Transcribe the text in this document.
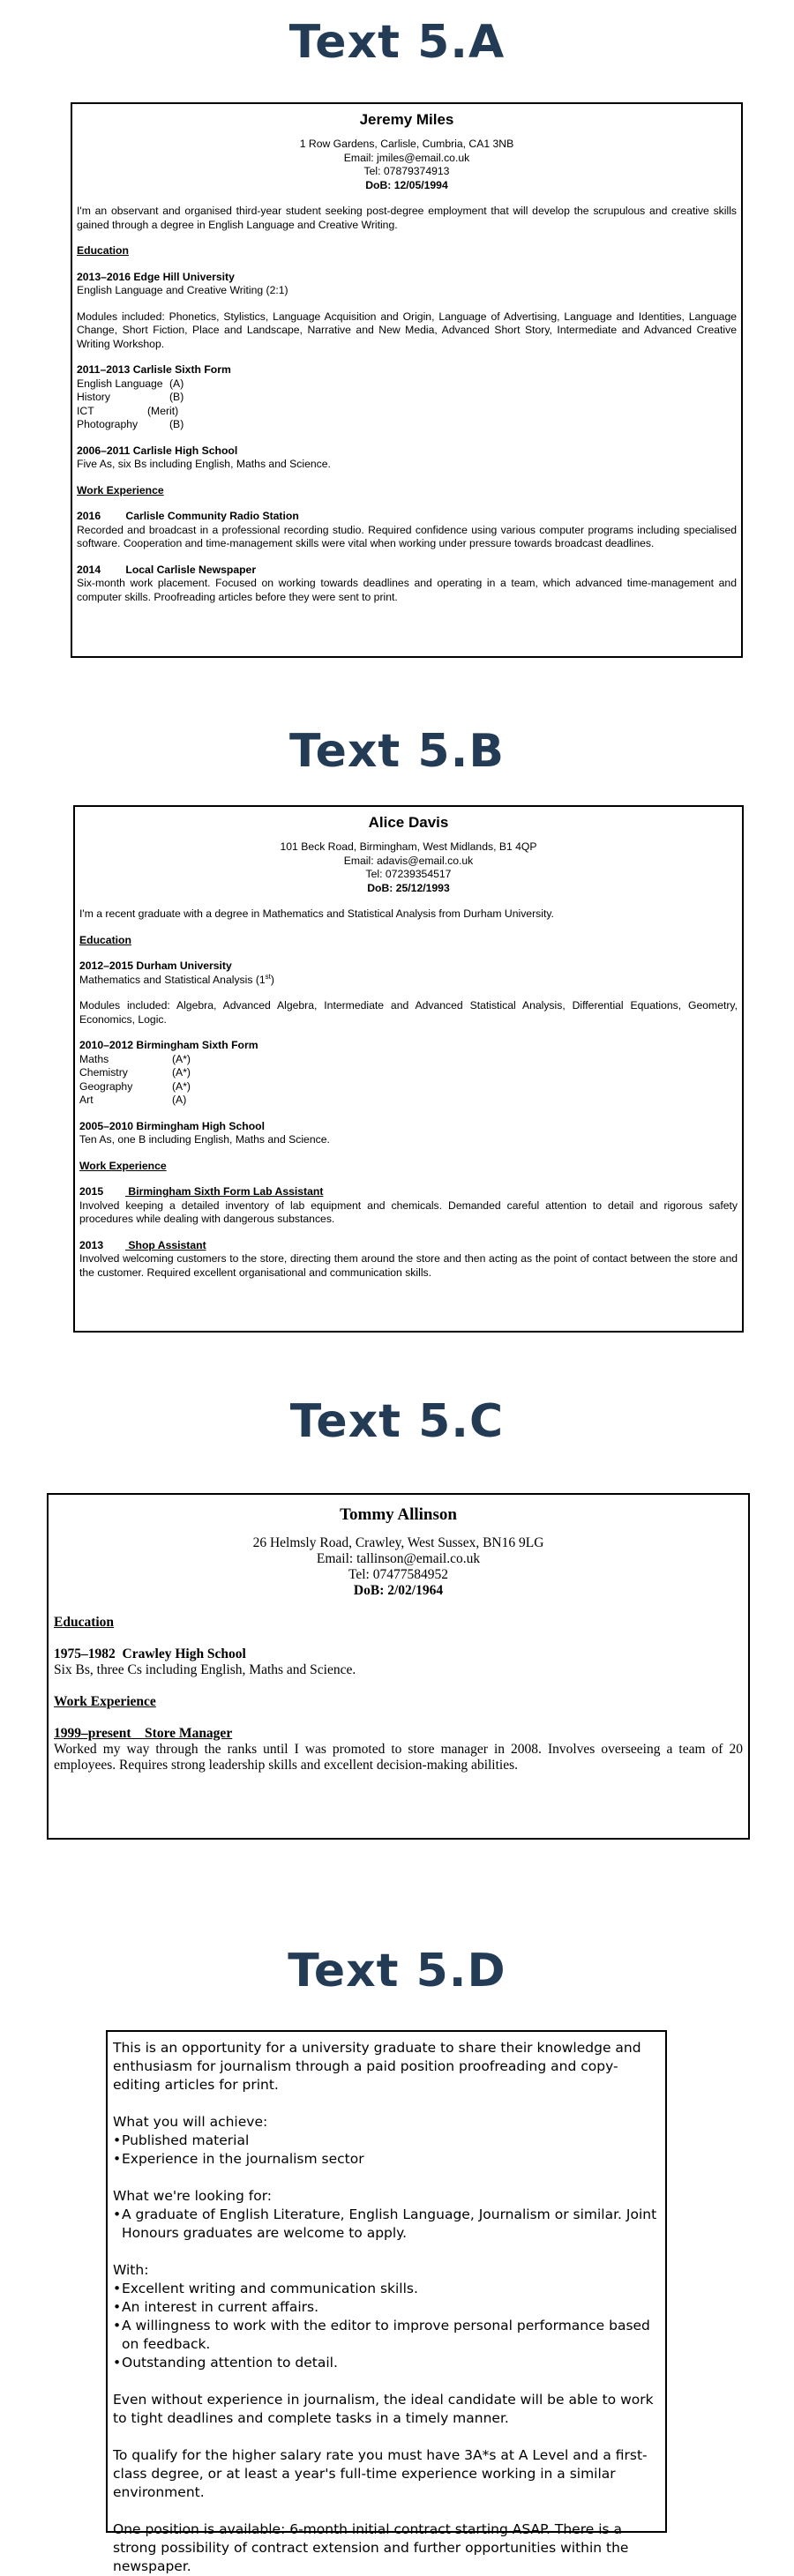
Text 5.A
Jeremy Miles
1 Row Gardens, Carlisle, Cumbria, CA1 3NB
Email: jmiles@email.co.uk
Tel: 07879374913
DoB: 12/05/1994

I'm an observant and organised third-year student seeking post-degree employment that will develop the scrupulous and creative skills gained through a degree in English Language and Creative Writing.

Education

2013–2016 Edge Hill University

English Language and Creative Writing (2:1)

Modules included: Phonetics, Stylistics, Language Acquisition and Origin, Language of Advertising, Language and Identities, Language Change, Short Fiction, Place and Landscape, Narrative and New Media, Advanced Short Story, Intermediate and Advanced Creative Writing Workshop.

2011–2013 Carlisle Sixth Form

English Language (A)
History	(B)
ICT	(Merit)
Photography	(B)

2006–2011 Carlisle High School

Five As, six Bs including English, Maths and Science.

Work Experience

2016 Carlisle Community Radio Station

Recorded and broadcast in a professional recording studio. Required confidence using various computer programs including specialised software. Cooperation and time-management skills were vital when working under pressure towards broadcast deadlines.

2014 Local Carlisle Newspaper

Six-month work placement. Focused on working towards deadlines and operating in a team, which advanced time-management and computer skills. Proofreading articles before they were sent to print.

Text 5.B
Alice Davis
101 Beck Road, Birmingham, West Midlands, B1 4QP
Email: adavis@email.co.uk
Tel: 07239354517
DoB: 25/12/1993

I'm a recent graduate with a degree in Mathematics and Statistical Analysis from Durham University.

Education

2012–2015 Durham University

Mathematics and Statistical Analysis (1st)

Modules included: Algebra, Advanced Algebra, Intermediate and Advanced Statistical Analysis, Differential Equations, Geometry, Economics, Logic.

2010–2012 Birmingham Sixth Form

Maths	(A*)
Chemistry	(A*)
Geography	(A*)
Art	(A)

2005–2010 Birmingham High School

Ten As, one B including English, Maths and Science.

Work Experience

2015 Birmingham Sixth Form Lab Assistant

Involved keeping a detailed inventory of lab equipment and chemicals. Demanded careful attention to detail and rigorous safety procedures while dealing with dangerous substances.

2013 Shop Assistant

Involved welcoming customers to the store, directing them around the store and then acting as the point of contact between the store and the customer. Required excellent organisational and communication skills.

Text 5.C
Tommy Allinson
26 Helmsly Road, Crawley, West Sussex, BN16 9LG
Email: tallinson@email.co.uk
Tel: 07477584952
DoB: 2/02/1964

Education

1975–1982 Crawley High School

Six Bs, three Cs including English, Maths and Science.

Work Experience

1999–present Store Manager

Worked my way through the ranks until I was promoted to store manager in 2008. Involves overseeing a team of 20 employees. Requires strong leadership skills and excellent decision-making abilities.

Text 5.D

This is an opportunity for a university graduate to share their knowledge and enthusiasm for journalism through a paid position proofreading and copy-editing articles for print.

What you will achieve:

• Published material
• Experience in the journalism sector

What we're looking for:

• A graduate of English Literature, English Language, Journalism or similar. Joint Honours graduates are welcome to apply.

With:

• Excellent writing and communication skills.
• An interest in current affairs.
• A willingness to work with the editor to improve personal performance based on feedback.
• Outstanding attention to detail.

Even without experience in journalism, the ideal candidate will be able to work to tight deadlines and complete tasks in a timely manner.

To qualify for the higher salary rate you must have 3A*s at A Level and a first-class degree, or at least a year's full-time experience working in a similar environment.

One position is available: 6-month initial contract starting ASAP. There is a strong possibility of contract extension and further opportunities within the newspaper.
